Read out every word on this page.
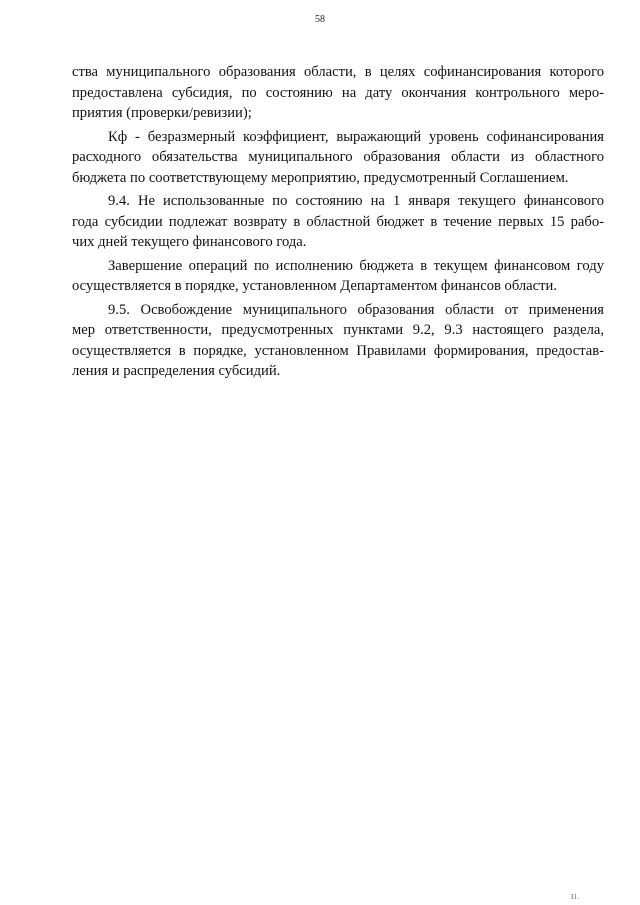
58
ства муниципального образования области, в целях софинансирования которого
предоставлена субсидия, по состоянию на дату окончания контрольного меро-
приятия (проверки/ревизии);
Кф - безразмерный коэффициент, выражающий уровень софинансирования
расходного обязательства муниципального образования области из областного
бюджета по соответствующему мероприятию, предусмотренный Соглашением.
9.4. Не использованные по состоянию на 1 января текущего финансового
года субсидии подлежат возврату в областной бюджет в течение первых 15 рабо-
чих дней текущего финансового года.
Завершение операций по исполнению бюджета в текущем финансовом году
осуществляется в порядке, установленном Департаментом финансов области.
9.5. Освобождение муниципального образования области от применения
мер ответственности, предусмотренных пунктами 9.2, 9.3 настоящего раздела,
осуществляется в порядке, установленном Правилами формирования, предостав-
ления и распределения субсидий.
Il.
